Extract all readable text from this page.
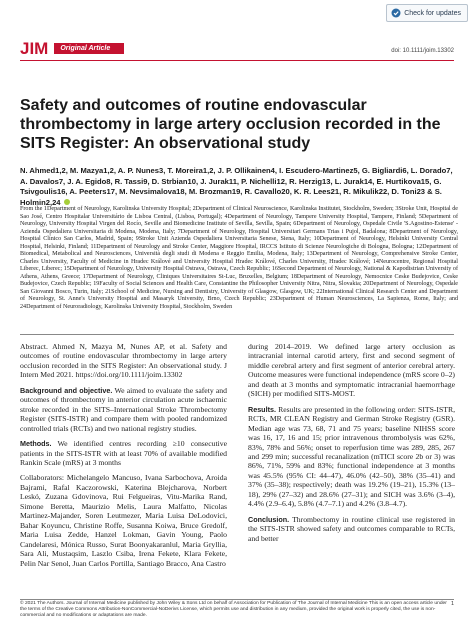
Check for updates
JIM	Original Article	doi: 10.1111/joim.13302
Safety and outcomes of routine endovascular thrombectomy in large artery occlusion recorded in the SITS Register: An observational study
N. Ahmed1,2, M. Mazya1,2, A. P. Nunes3, T. Moreira1,2, J. P. Ollikainen4, I. Escudero-Martinez5, G. Bigliardi6, L. Dorado7, A. Davalos7, J. A. Egido8, R. Tassi9, D. Strbian10, J. Jurak11, P. Nichelli12, R. Herzig13, L. Jurak14, E. Hurtikova15, G. Tsivgoulis16, A. Peeters17, M. Nevsimalova18, M. Brozman19, R. Cavallo20, K. R. Lees21, R. Mikulik22, D. Toni23 & S. Holmin2,24
From the 1Department of Neurology, Karolinska University Hospital; 2Department of Clinical Neuroscience, Karolinska Institutet, Stockholm, Sweden; 3Stroke Unit, Hospital de Sao José, Centro Hospitalar Universitário de Lisboa Central, (Lisboa, Portugal); 4Department of Neurology, Tampere University Hospital, Tampere, Finland; 5Department of Neurology, University Hospital Virgen del Rocío, Seville and Biomedicine Institute of Sevilla, Sevilla, Spain; 6Department of Neurology, Ospedale Civile 'S.Agostino-Estense' - Azienda Ospedaliera Universitaria di Modena, Modena, Italy; 7Department of Neurology, Hospital Universitari Germans Trias i Pujol, Badalona; 8Department of Neurology, Hospital Clínico San Carlos, Madrid, Spain; 9Stroke Unit Azienda Ospedaliera Universitaria Senese, Siena, Italy; 10Department of Neurology, Helsinki University Central Hospital, Helsinki, Finland; 11Department of Neurology and Stroke Center, Maggiore Hospital, IRCCS Istituto di Scienze Neurologiche di Bologna, Bologna; 12Department of Biomedical, Metabolical and Neurosciences, Università degli studi di Modena e Reggio Emilia, Modena, Italy; 13Department of Neurology, Comprehensive Stroke Center, Charles University, Faculty of Medicine in Hradec Králové and University Hospital Hradec Králové, Charles University, Hradec Králové; 14Neurocentre, Regional Hospital Liberec, Liberec; 15Department of Neurology, University Hospital Ostrava, Ostrava, Czech Republic; 16Second Department of Neurology, National & Kapodistrian University of Athens, Athens, Greece; 17Department of Neurology, Cliniques Universitaires St-Luc, Bruxelles, Belgium; 18Department of Neurology, Nemocnice Ceske Budejovice, Ceske Budejovice, Czech Republic; 19Faculty of Social Sciences and Health Care, Constantine the Philosopher University Nitra, Nitra, Slovakia; 20Department of Neurology, Ospedale San Giovanni Bosco, Turin, Italy; 21School of Medicine, Nursing and Dentistry, University of Glasgow, Glasgow, UK; 22International Clinical Research Center and Department of Neurology, St. Anne's University Hospital and Masaryk University, Brno, Czech Republic; 23Department of Human Neurosciences, La Sapienza, Rome, Italy; and 24Department of Neuroradiology, Karolinska University Hospital, Stockholm, Sweden

Abstract. Ahmed N, Mazya M, Nunes AP, et al. Safety and outcomes of routine endovascular thrombectomy in large artery occlusion recorded in the SITS Register: An observational study. J Intern Med 2021. https://doi.org/10.1111/joim.13302

Background and objective. We aimed to evaluate the safety and outcomes of thrombectomy in anterior circulation acute ischaemic stroke recorded in the SITS–International Stroke Thrombectomy Register (SITS-ISTR) and compare them with pooled randomized controlled trials (RCTs) and two national registry studies.

Methods. We identified centres recording ≥10 consecutive patients in the SITS-ISTR with at least 70% of available modified Rankin Scale (mRS) at 3 months

Collaborators: Michelangelo Mancuso, Ivana Sarbochova, Aroida Bajrami, Rafal Kaczorowski, Katerina Blejcharova, Norbert Leskó, Zuzana Gdovinova, Rui Felgueiras, Vitu-Marika Rand, Simone Beretta, Maurizio Melis, Laura Malfatto, Nicolas Martinez-Majander, Soren Leutmezer, Maria Luisa DeLodovici, Bahar Koyuncu, Christine Roffe, Susanna Koiwa, Bruce Gredolf, Maria Luisa Zedde, Hanzel Lokman, Gavin Young, Paolo Candelaresi, Mónica Russo, Surat Boonyakaranlul, Maria Gryllia, Sara Ali, Mustaqsim, Laszlo Csiba, Irena Fekete, Klara Fekete, Pelin Nar Senol, Juan Carlos Portilla, Santiago Bracco, Ana Castro

during 2014–2019. We defined large artery occlusion as intracranial internal carotid artery, first and second segment of middle cerebral artery and first segment of anterior cerebral artery. Outcome measures were functional independence (mRS score 0–2) and death at 3 months and symptomatic intracranial haemorrhage (SICH) per modified SITS-MOST.

Results. Results are presented in the following order: SITS-ISTR, RCTs, MR CLEAN Registry and German Stroke Registry (GSR). Median age was 73, 68, 71 and 75 years; baseline NIHSS score was 16, 17, 16 and 15; prior intravenous thrombolysis was 62%, 83%, 78% and 56%; onset to reperfusion time was 289, 285, 267 and 299 min; successful recanalization (mTICI score 2b or 3) was 86%, 71%, 59% and 83%; functional independence at 3 months was 45.5% (95% CI: 44–47), 46.0% (42–50), 38% (35–41) and 37% (35–38); respectively; death was 19.2% (19–21), 15.3% (13–18), 29% (27–32) and 28.6% (27–31); and SICH was 3.6% (3–4), 4.4% (2.9–6.4), 5.8% (4.7–7.1) and 4.2% (3.8–4.7).

Conclusion. Thrombectomy in routine clinical use registered in the SITS-ISTR showed safety and outcomes comparable to RCTs, and better

© 2021 The Authors. Journal of Internal Medicine published by John Wiley & Sons Ltd on behalf of Association for Publication of The Journal of Internal Medicine This is an open access article under the terms of the Creative Commons Attribution-NonCommercial-NoDerivs License, which permits use and distribution in any medium, provided the original work is properly cited, the use is non-commercial and no modifications or adaptations are made.
1
